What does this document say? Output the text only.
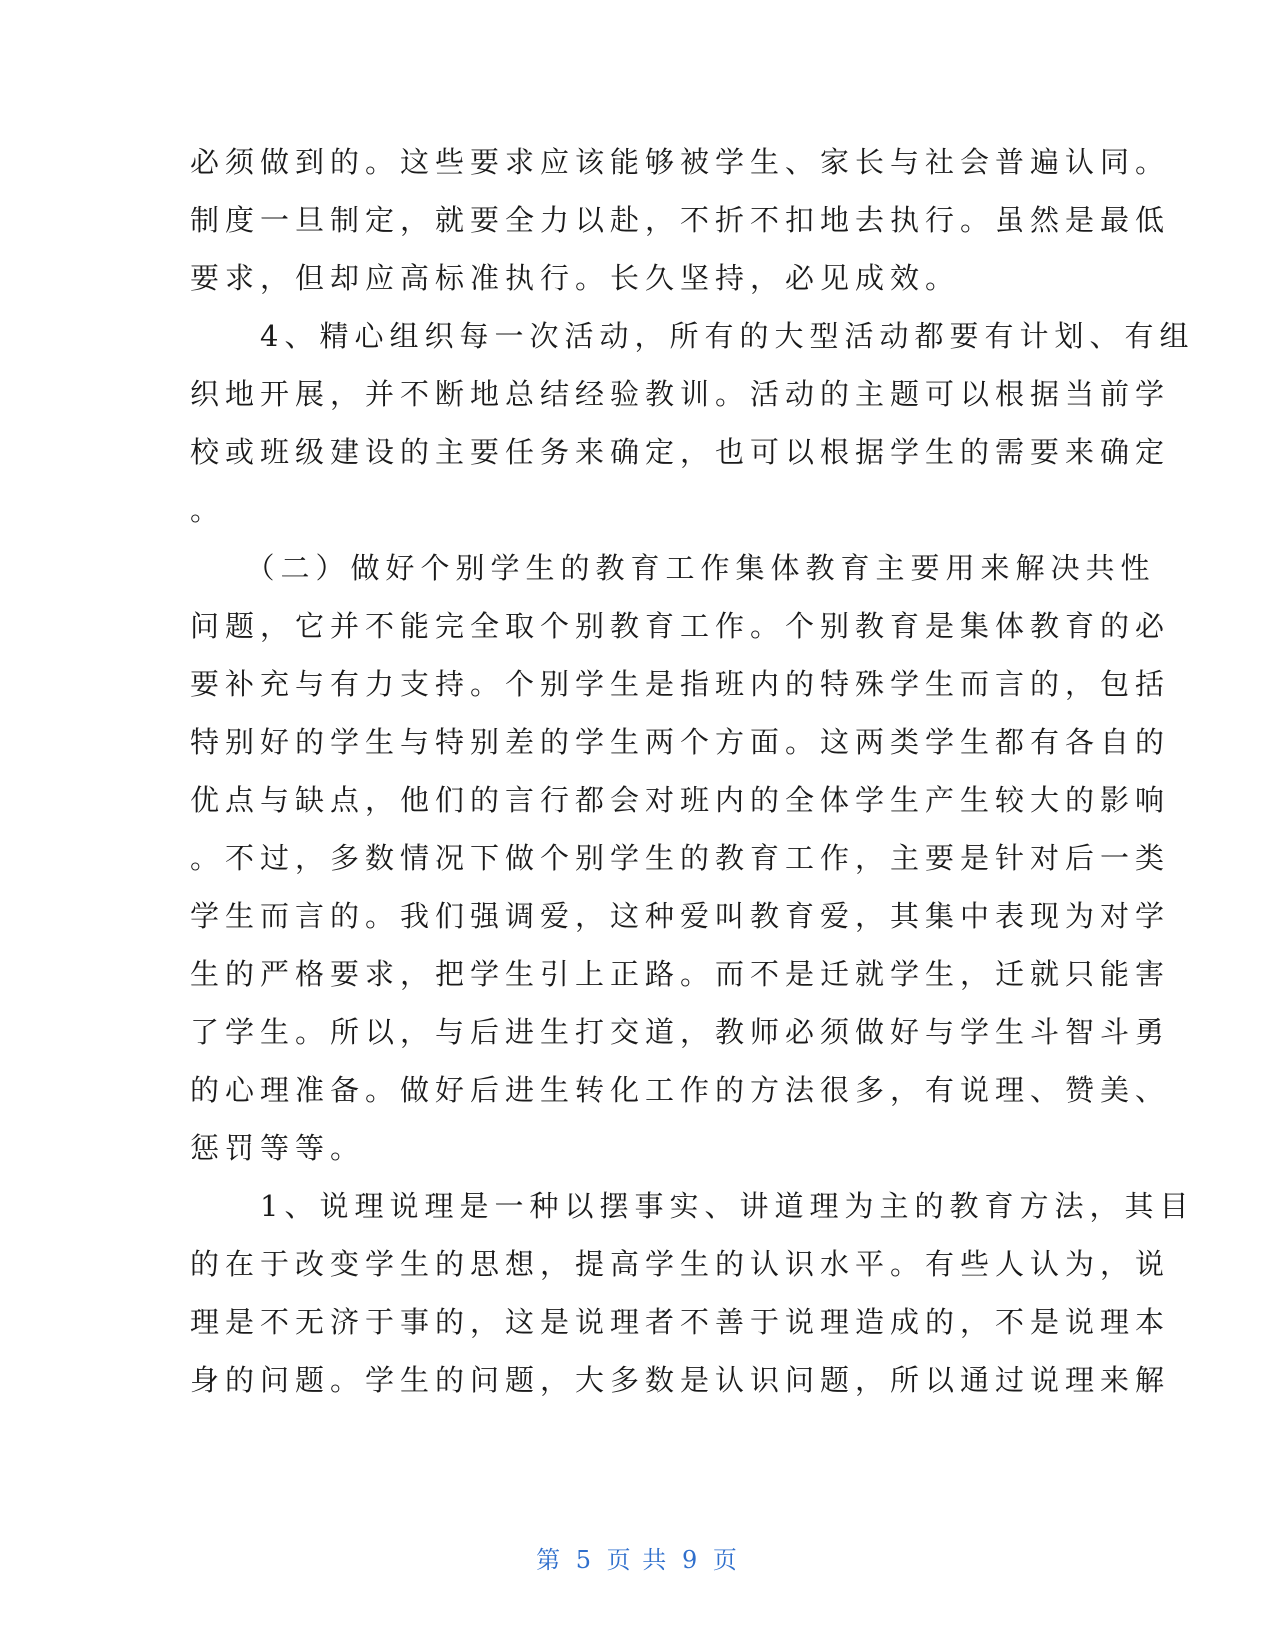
必须做到的。这些要求应该能够被学生、家长与社会普遍认同。
制度一旦制定，就要全力以赴，不折不扣地去执行。虽然是最低
要求，但却应高标准执行。长久坚持，必见成效。
　　4、精心组织每一次活动，所有的大型活动都要有计划、有组
织地开展，并不断地总结经验教训。活动的主题可以根据当前学
校或班级建设的主要任务来确定，也可以根据学生的需要来确定
。
　　（二）做好个别学生的教育工作集体教育主要用来解决共性
问题，它并不能完全取个别教育工作。个别教育是集体教育的必
要补充与有力支持。个别学生是指班内的特殊学生而言的，包括
特别好的学生与特别差的学生两个方面。这两类学生都有各自的
优点与缺点，他们的言行都会对班内的全体学生产生较大的影响
。不过，多数情况下做个别学生的教育工作，主要是针对后一类
学生而言的。我们强调爱，这种爱叫教育爱，其集中表现为对学
生的严格要求，把学生引上正路。而不是迁就学生，迁就只能害
了学生。所以，与后进生打交道，教师必须做好与学生斗智斗勇
的心理准备。做好后进生转化工作的方法很多，有说理、赞美、
惩罚等等。
　　1、说理说理是一种以摆事实、讲道理为主的教育方法，其目
的在于改变学生的思想，提高学生的认识水平。有些人认为，说
理是不无济于事的，这是说理者不善于说理造成的，不是说理本
身的问题。学生的问题，大多数是认识问题，所以通过说理来解
第 5 页 共 9 页
